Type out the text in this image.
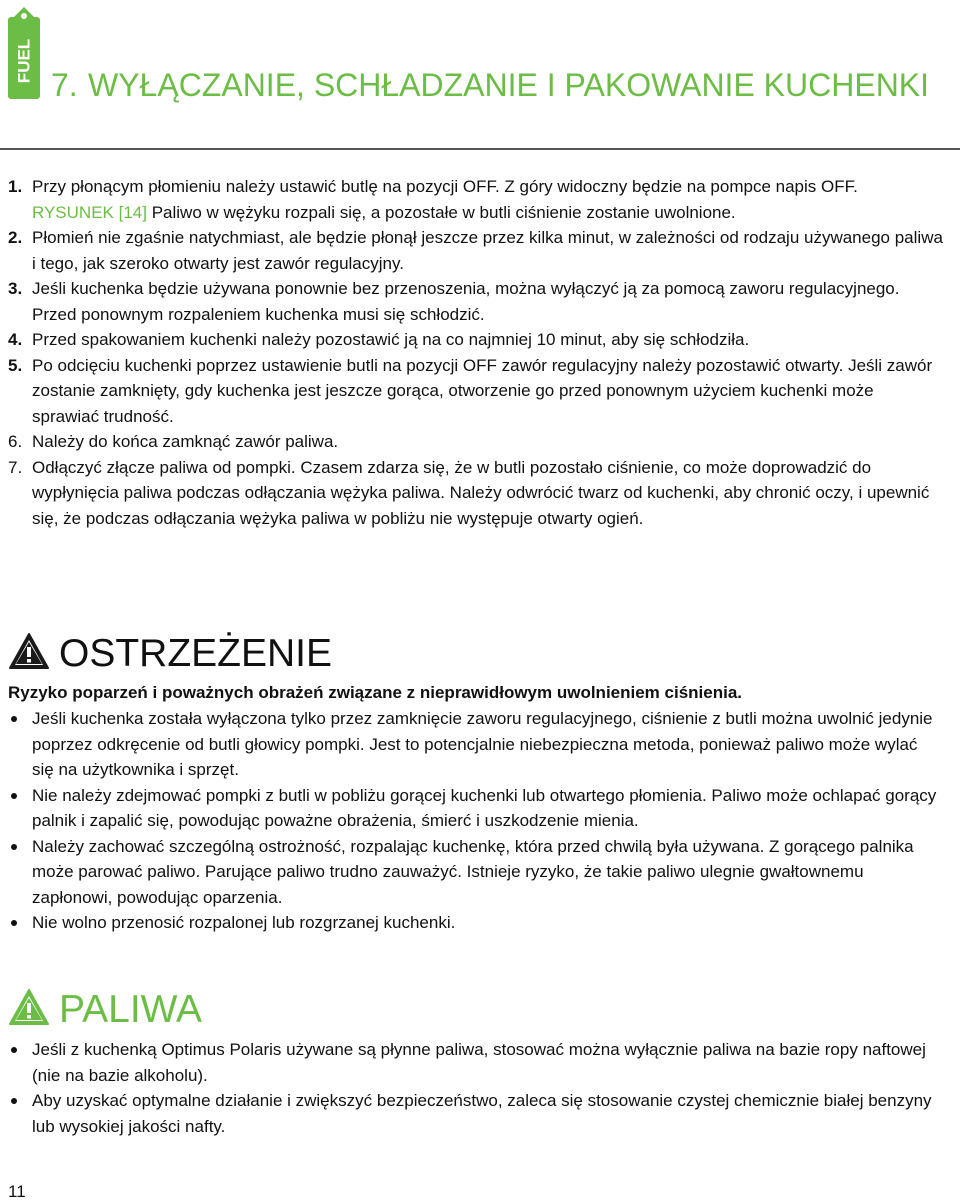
FUEL
7. WYŁĄCZANIE, SCHŁADZANIE I PAKOWANIE KUCHENKI
1. Przy płonącym płomieniu należy ustawić butlę na pozycji OFF. Z góry widoczny będzie na pompce napis OFF. RYSUNEK [14] Paliwo w wężyku rozpali się, a pozostałe w butli ciśnienie zostanie uwolnione.
2. Płomień nie zgaśnie natychmiast, ale będzie płonął jeszcze przez kilka minut, w zależności od rodzaju używanego paliwa i tego, jak szeroko otwarty jest zawór regulacyjny.
3. Jeśli kuchenka będzie używana ponownie bez przenoszenia, można wyłączyć ją za pomocą zaworu regulacyjnego. Przed ponownym rozpaleniem kuchenka musi się schłodzić.
4. Przed spakowaniem kuchenki należy pozostawić ją na co najmniej 10 minut, aby się schłodziła.
5. Po odcięciu kuchenki poprzez ustawienie butli na pozycji OFF zawór regulacyjny należy pozostawić otwarty. Jeśli zawór zostanie zamknięty, gdy kuchenka jest jeszcze gorąca, otworzenie go przed ponownym użyciem kuchenki może sprawiać trudność.
6. Należy do końca zamknąć zawór paliwa.
7. Odłączyć złącze paliwa od pompki. Czasem zdarza się, że w butli pozostało ciśnienie, co może doprowadzić do wypłynięcia paliwa podczas odłączania wężyka paliwa. Należy odwrócić twarz od kuchenki, aby chronić oczy, i upewnić się, że podczas odłączania wężyka paliwa w pobliżu nie występuje otwarty ogień.
OSTRZEŻENIE

Ryzyko poparzeń i poważnych obrażeń związane z nieprawidłowym uwolnieniem ciśnienia.

Jeśli kuchenka została wyłączona tylko przez zamknięcie zaworu regulacyjnego, ciśnienie z butli można uwolnić jedynie poprzez odkręcenie od butli głowicy pompki. Jest to potencjalnie niebezpieczna metoda, ponieważ paliwo może wylać się na użytkownika i sprzęt.
Nie należy zdejmować pompki z butli w pobliżu gorącej kuchenki lub otwartego płomienia. Paliwo może ochlapać gorący palnik i zapalić się, powodując poważne obrażenia, śmierć i uszkodzenie mienia.
Należy zachować szczególną ostrożność, rozpalając kuchenkę, która przed chwilą była używana. Z gorącego palnika może parować paliwo. Parujące paliwo trudno zauważyć. Istnieje ryzyko, że takie paliwo ulegnie gwałtownemu zapłonowi, powodując oparzenia.
Nie wolno przenosić rozpalonej lub rozgrzanej kuchenki.
PALIWA
Jeśli z kuchenką Optimus Polaris używane są płynne paliwa, stosować można wyłącznie paliwa na bazie ropy naftowej (nie na bazie alkoholu).
Aby uzyskać optymalne działanie i zwiększyć bezpieczeństwo, zaleca się stosowanie czystej chemicznie białej benzyny lub wysokiej jakości nafty.
11
